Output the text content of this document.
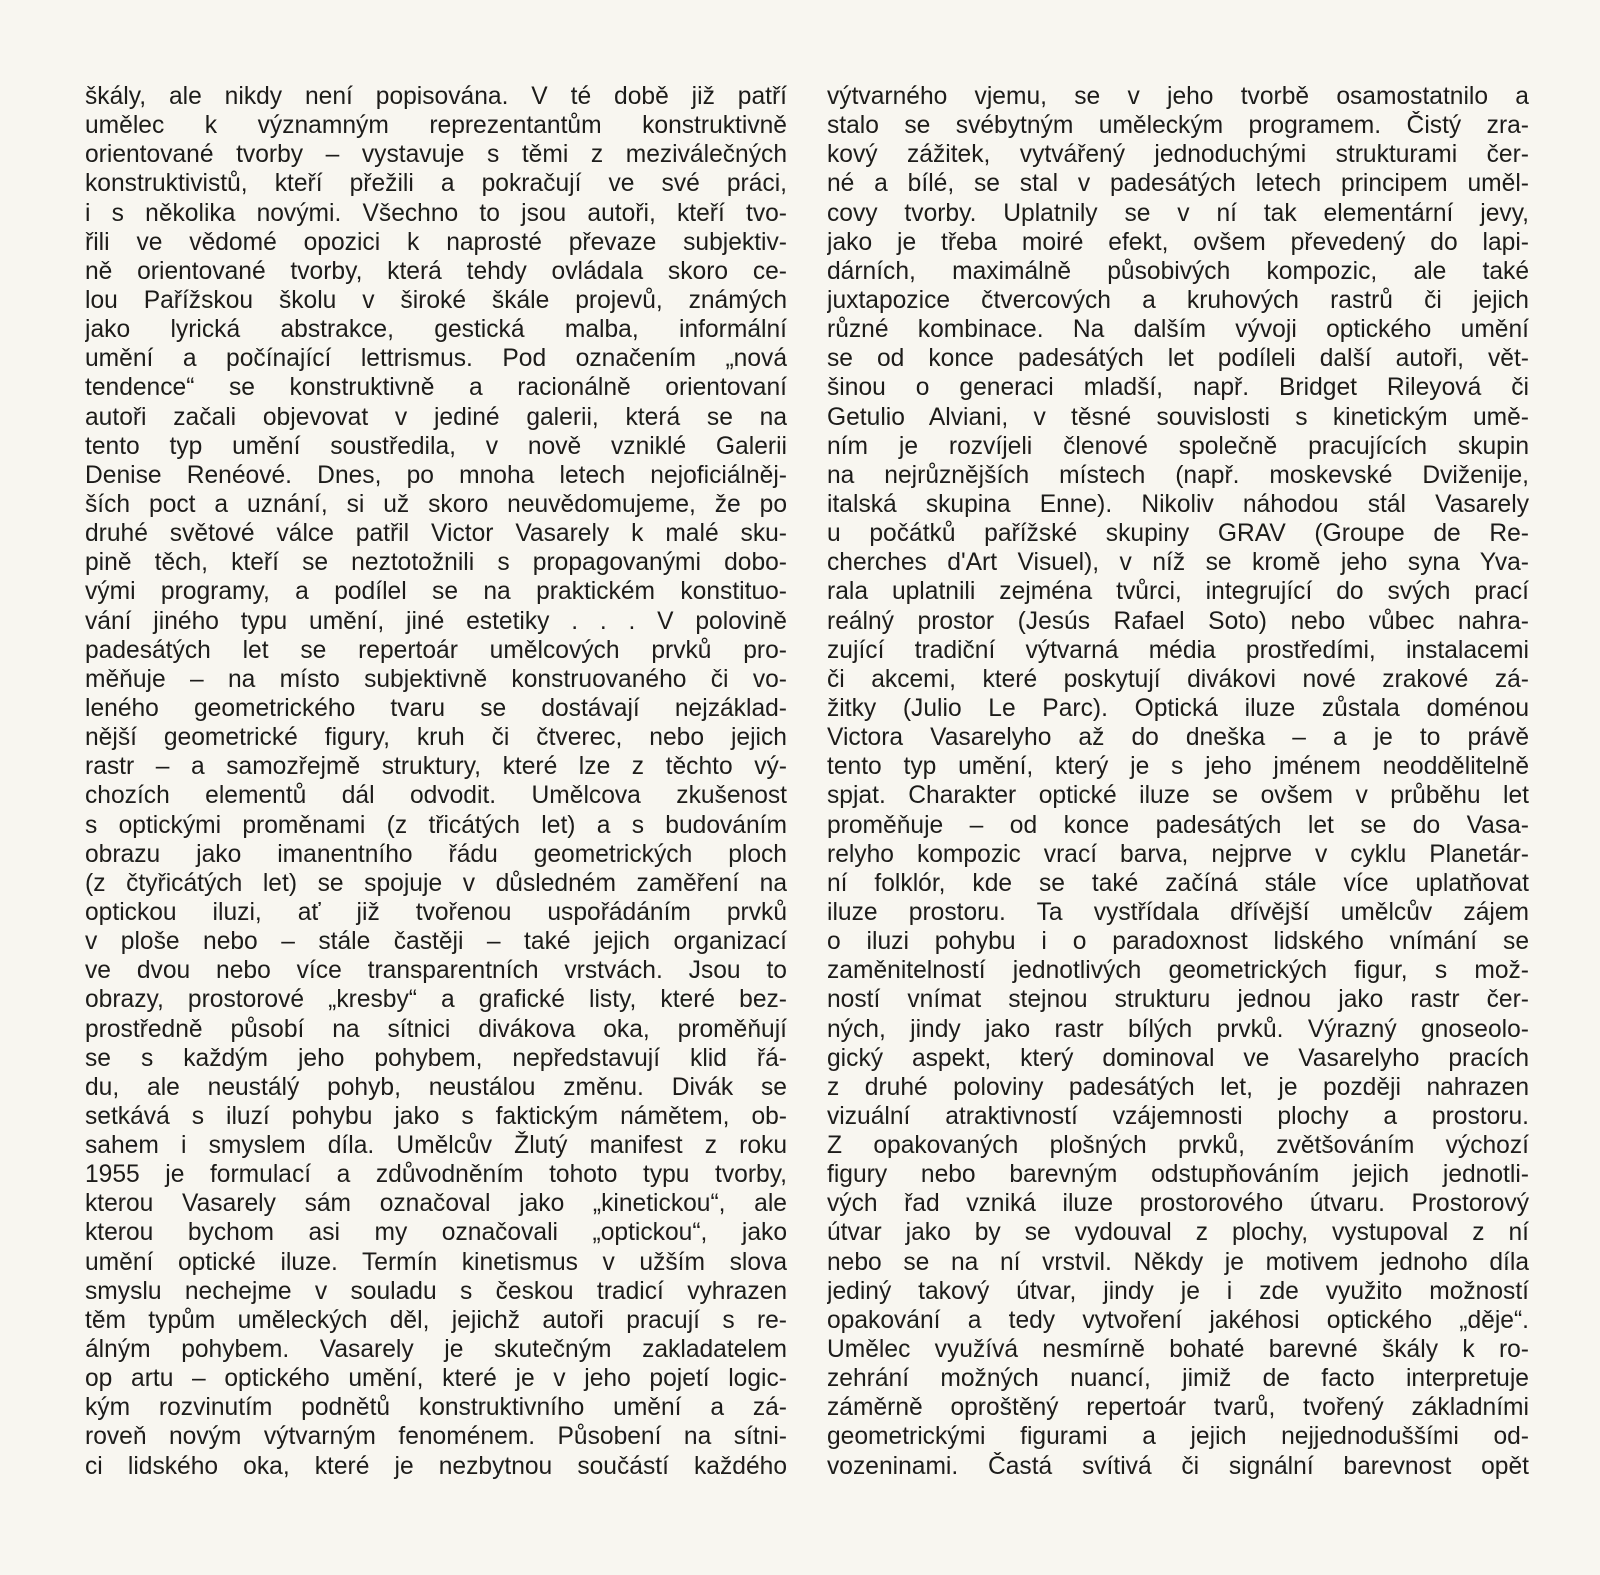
škály, ale nikdy není popisována. V té době již patří
umělec k významným reprezentantům konstruktivně
orientované tvorby – vystavuje s těmi z meziválečných
konstruktivistů, kteří přežili a pokračují ve své práci,
i s několika novými. Všechno to jsou autoři, kteří tvo-
řili ve vědomé opozici k naprosté převaze subjektiv-
ně orientované tvorby, která tehdy ovládala skoro ce-
lou Pařížskou školu v široké škále projevů, známých
jako lyrická abstrakce, gestická malba, informální
umění a počínající lettrismus. Pod označením „nová
tendence“ se konstruktivně a racionálně orientovaní
autoři začali objevovat v jediné galerii, která se na
tento typ umění soustředila, v nově vzniklé Galerii
Denise Renéové. Dnes, po mnoha letech nejoficiálněj-
ších poct a uznání, si už skoro neuvědomujeme, že po
druhé světové válce patřil Victor Vasarely k malé sku-
pině těch, kteří se neztotožnili s propagovanými dobo-
vými programy, a podílel se na praktickém konstituo-
vání jiného typu umění, jiné estetiky . . . V polovině
padesátých let se repertoár umělcových prvků pro-
měňuje – na místo subjektivně konstruovaného či vo-
leného geometrického tvaru se dostávají nejzáklad-
nější geometrické figury, kruh či čtverec, nebo jejich
rastr – a samozřejmě struktury, které lze z těchto vý-
chozích elementů dál odvodit. Umělcova zkušenost
s optickými proměnami (z třicátých let) a s budováním
obrazu jako imanentního řádu geometrických ploch
(z čtyřicátých let) se spojuje v důsledném zaměření na
optickou iluzi, ať již tvořenou uspořádáním prvků
v ploše nebo – stále častěji – také jejich organizací
ve dvou nebo více transparentních vrstvách. Jsou to
obrazy, prostorové „kresby“ a grafické listy, které bez-
prostředně působí na sítnici divákova oka, proměňují
se s každým jeho pohybem, nepředstavují klid řá-
du, ale neustálý pohyb, neustálou změnu. Divák se
setkává s iluzí pohybu jako s faktickým námětem, ob-
sahem i smyslem díla. Umělcův Žlutý manifest z roku
1955 je formulací a zdůvodněním tohoto typu tvorby,
kterou Vasarely sám označoval jako „kinetickou“, ale
kterou bychom asi my označovali „optickou“, jako
umění optické iluze. Termín kinetismus v užším slova
smyslu nechejme v souladu s českou tradicí vyhrazen
těm typům uměleckých děl, jejichž autoři pracují s re-
álným pohybem. Vasarely je skutečným zakladatelem
op artu – optického umění, které je v jeho pojetí logic-
kým rozvinutím podnětů konstruktivního umění a zá-
roveň novým výtvarným fenoménem. Působení na sítni-
ci lidského oka, které je nezbytnou součástí každého
výtvarného vjemu, se v jeho tvorbě osamostatnilo a
stalo se svébytným uměleckým programem. Čistý zra-
kový zážitek, vytvářený jednoduchými strukturami čer-
né a bílé, se stal v padesátých letech principem uměl-
covy tvorby. Uplatnily se v ní tak elementární jevy,
jako je třeba moiré efekt, ovšem převedený do lapi-
dárních, maximálně působivých kompozic, ale také
juxtapozice čtvercových a kruhových rastrů či jejich
různé kombinace. Na dalším vývoji optického umění
se od konce padesátých let podíleli další autoři, vět-
šinou o generaci mladší, např. Bridget Rileyová či
Getulio Alviani, v těsné souvislosti s kinetickým umě-
ním je rozvíjeli členové společně pracujících skupin
na nejrůznějších místech (např. moskevské Dviženije,
italská skupina Enne). Nikoliv náhodou stál Vasarely
u počátků pařížské skupiny GRAV (Groupe de Re-
cherches d'Art Visuel), v níž se kromě jeho syna Yva-
rala uplatnili zejména tvůrci, integrující do svých prací
reálný prostor (Jesús Rafael Soto) nebo vůbec nahra-
zující tradiční výtvarná média prostředími, instalacemi
či akcemi, které poskytují divákovi nové zrakové zá-
žitky (Julio Le Parc). Optická iluze zůstala doménou
Victora Vasarelyho až do dneška – a je to právě
tento typ umění, který je s jeho jménem neoddělitelně
spjat. Charakter optické iluze se ovšem v průběhu let
proměňuje – od konce padesátých let se do Vasa-
relyho kompozic vrací barva, nejprve v cyklu Planetár-
ní folklór, kde se také začíná stále více uplatňovat
iluze prostoru. Ta vystřídala dřívější umělcův zájem
o iluzi pohybu i o paradoxnost lidského vnímání se
zaměnitelností jednotlivých geometrických figur, s mož-
ností vnímat stejnou strukturu jednou jako rastr čer-
ných, jindy jako rastr bílých prvků. Výrazný gnoseolo-
gický aspekt, který dominoval ve Vasarelyho pracích
z druhé poloviny padesátých let, je později nahrazen
vizuální atraktivností vzájemnosti plochy a prostoru.
Z opakovaných plošných prvků, zvětšováním výchozí
figury nebo barevným odstupňováním jejich jednotli-
vých řad vzniká iluze prostorového útvaru. Prostorový
útvar jako by se vydouval z plochy, vystupoval z ní
nebo se na ní vrstvil. Někdy je motivem jednoho díla
jediný takový útvar, jindy je i zde využito možností
opakování a tedy vytvoření jakéhosi optického „děje“.
Umělec využívá nesmírně bohaté barevné škály k ro-
zehrání možných nuancí, jimiž de facto interpretuje
záměrně oproštěný repertoár tvarů, tvořený základními
geometrickými figurami a jejich nejjednoduššími od-
vozeninami. Častá svítivá či signální barevnost opět
